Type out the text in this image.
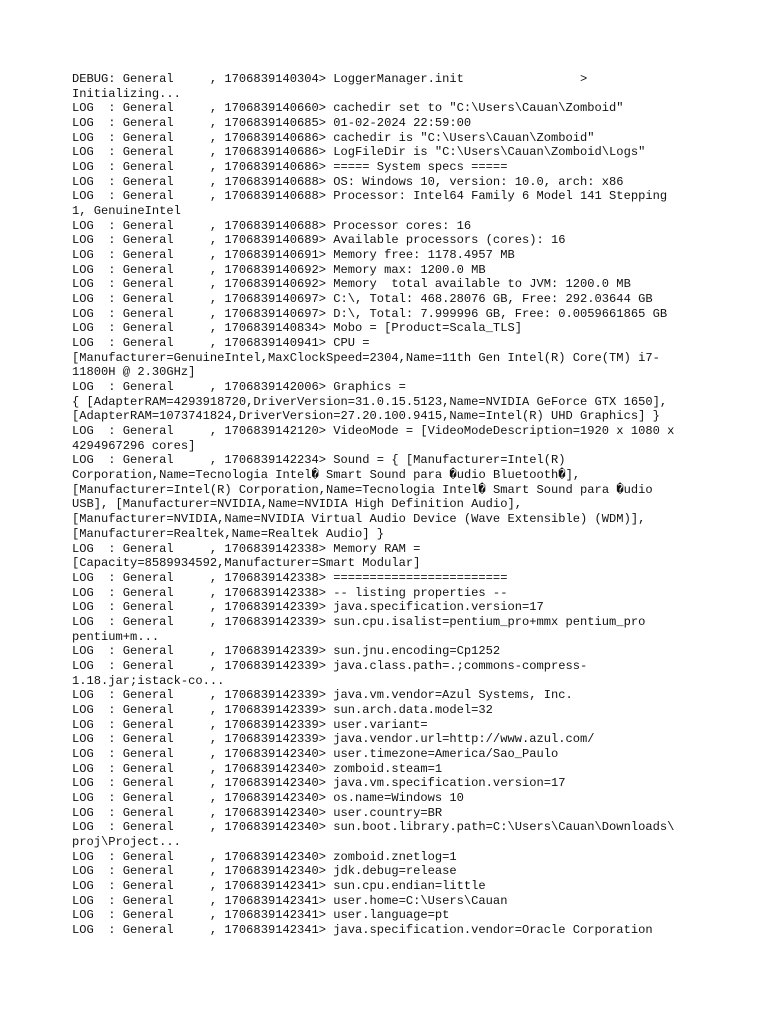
DEBUG: General     , 1706839140304> LoggerManager.init                >
Initializing...
LOG  : General     , 1706839140660> cachedir set to "C:\Users\Cauan\Zomboid"
LOG  : General     , 1706839140685> 01-02-2024 22:59:00
LOG  : General     , 1706839140686> cachedir is "C:\Users\Cauan\Zomboid"
LOG  : General     , 1706839140686> LogFileDir is "C:\Users\Cauan\Zomboid\Logs"
LOG  : General     , 1706839140686> ===== System specs =====
LOG  : General     , 1706839140688> OS: Windows 10, version: 10.0, arch: x86
LOG  : General     , 1706839140688> Processor: Intel64 Family 6 Model 141 Stepping
1, GenuineIntel
LOG  : General     , 1706839140688> Processor cores: 16
LOG  : General     , 1706839140689> Available processors (cores): 16
LOG  : General     , 1706839140691> Memory free: 1178.4957 MB
LOG  : General     , 1706839140692> Memory max: 1200.0 MB
LOG  : General     , 1706839140692> Memory  total available to JVM: 1200.0 MB
LOG  : General     , 1706839140697> C:\, Total: 468.28076 GB, Free: 292.03644 GB
LOG  : General     , 1706839140697> D:\, Total: 7.999996 GB, Free: 0.0059661865 GB
LOG  : General     , 1706839140834> Mobo = [Product=Scala_TLS]
LOG  : General     , 1706839140941> CPU =
[Manufacturer=GenuineIntel,MaxClockSpeed=2304,Name=11th Gen Intel(R) Core(TM) i7-
11800H @ 2.30GHz]
LOG  : General     , 1706839142006> Graphics =
{ [AdapterRAM=4293918720,DriverVersion=31.0.15.5123,Name=NVIDIA GeForce GTX 1650],
[AdapterRAM=1073741824,DriverVersion=27.20.100.9415,Name=Intel(R) UHD Graphics] }
LOG  : General     , 1706839142120> VideoMode = [VideoModeDescription=1920 x 1080 x
4294967296 cores]
LOG  : General     , 1706839142234> Sound = { [Manufacturer=Intel(R)
Corporation,Name=Tecnologia Intel� Smart Sound para �udio Bluetooth�],
[Manufacturer=Intel(R) Corporation,Name=Tecnologia Intel� Smart Sound para �udio
USB], [Manufacturer=NVIDIA,Name=NVIDIA High Definition Audio],
[Manufacturer=NVIDIA,Name=NVIDIA Virtual Audio Device (Wave Extensible) (WDM)],
[Manufacturer=Realtek,Name=Realtek Audio] }
LOG  : General     , 1706839142338> Memory RAM =
[Capacity=8589934592,Manufacturer=Smart Modular]
LOG  : General     , 1706839142338> ========================
LOG  : General     , 1706839142338> -- listing properties --
LOG  : General     , 1706839142339> java.specification.version=17
LOG  : General     , 1706839142339> sun.cpu.isalist=pentium_pro+mmx pentium_pro
pentium+m...
LOG  : General     , 1706839142339> sun.jnu.encoding=Cp1252
LOG  : General     , 1706839142339> java.class.path=.;commons-compress-
1.18.jar;istack-co...
LOG  : General     , 1706839142339> java.vm.vendor=Azul Systems, Inc.
LOG  : General     , 1706839142339> sun.arch.data.model=32
LOG  : General     , 1706839142339> user.variant=
LOG  : General     , 1706839142339> java.vendor.url=http://www.azul.com/
LOG  : General     , 1706839142340> user.timezone=America/Sao_Paulo
LOG  : General     , 1706839142340> zomboid.steam=1
LOG  : General     , 1706839142340> java.vm.specification.version=17
LOG  : General     , 1706839142340> os.name=Windows 10
LOG  : General     , 1706839142340> user.country=BR
LOG  : General     , 1706839142340> sun.boot.library.path=C:\Users\Cauan\Downloads\
proj\Project...
LOG  : General     , 1706839142340> zomboid.znetlog=1
LOG  : General     , 1706839142340> jdk.debug=release
LOG  : General     , 1706839142341> sun.cpu.endian=little
LOG  : General     , 1706839142341> user.home=C:\Users\Cauan
LOG  : General     , 1706839142341> user.language=pt
LOG  : General     , 1706839142341> java.specification.vendor=Oracle Corporation
